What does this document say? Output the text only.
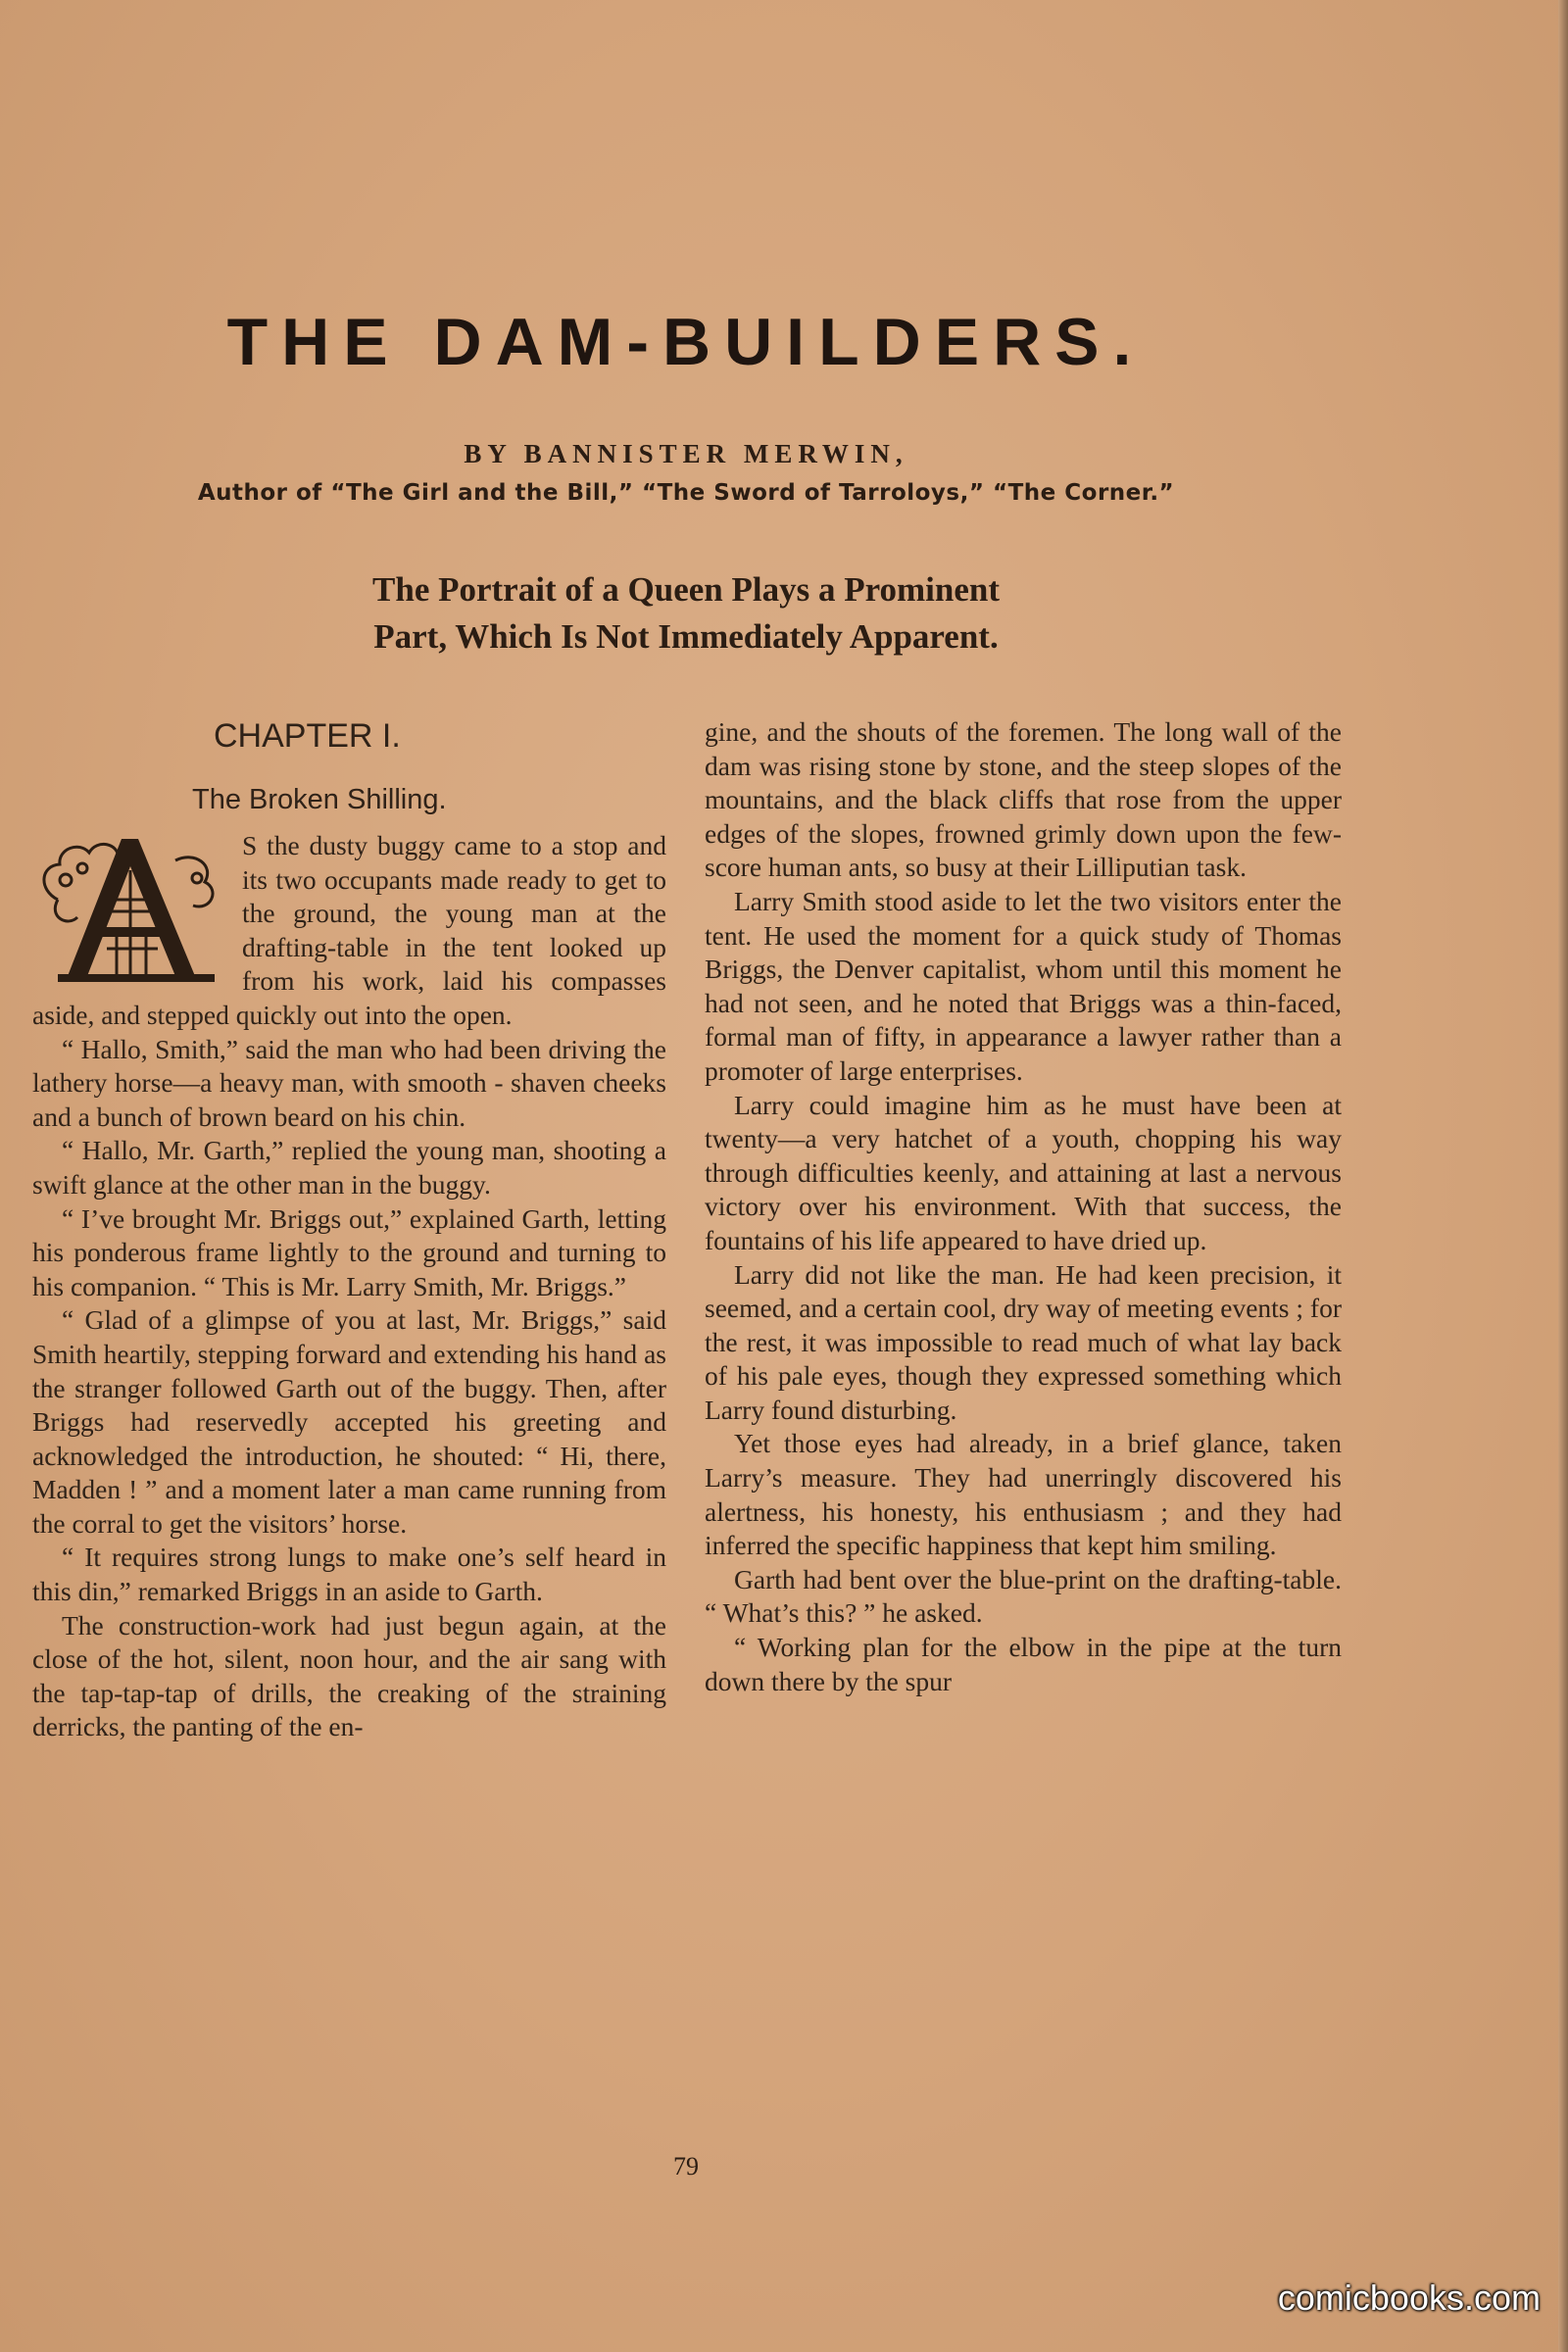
THE DAM-BUILDERS.
BY BANNISTER MERWIN,
Author of “The Girl and the Bill,” “The Sword of Tarroloys,” “The Corner.”
The Portrait of a Queen Plays a Prominent
Part, Which Is Not Immediately Apparent.
CHAPTER I.
The Broken Shilling.

S the dusty buggy came to a stop and its two occupants made ready to get to the ground, the young man at the drafting-table in the tent looked up from his work, laid his compasses aside, and stepped quickly out into the open.

“ Hallo, Smith,” said the man who had been driving the lathery horse—a heavy man, with smooth - shaven cheeks and a bunch of brown beard on his chin.

“ Hallo, Mr. Garth,” replied the young man, shooting a swift glance at the other man in the buggy.

“ I’ve brought Mr. Briggs out,” explained Garth, letting his ponderous frame lightly to the ground and turning to his companion. “ This is Mr. Larry Smith, Mr. Briggs.”

“ Glad of a glimpse of you at last, Mr. Briggs,” said Smith heartily, stepping forward and extending his hand as the stranger followed Garth out of the buggy. Then, after Briggs had reservedly accepted his greeting and acknowledged the introduction, he shouted: “ Hi, there, Madden ! ” and a moment later a man came running from the corral to get the visitors’ horse.

“ It requires strong lungs to make one’s self heard in this din,” remarked Briggs in an aside to Garth.

The construction-work had just begun again, at the close of the hot, silent, noon hour, and the air sang with the tap-tap-tap of drills, the creaking of the straining derricks, the panting of the en-

gine, and the shouts of the foremen. The long wall of the dam was rising stone by stone, and the steep slopes of the mountains, and the black cliffs that rose from the upper edges of the slopes, frowned grimly down upon the few-score human ants, so busy at their Lilliputian task.

Larry Smith stood aside to let the two visitors enter the tent. He used the moment for a quick study of Thomas Briggs, the Denver capitalist, whom until this moment he had not seen, and he noted that Briggs was a thin-faced, formal man of fifty, in appearance a lawyer rather than a promoter of large enterprises.

Larry could imagine him as he must have been at twenty—a very hatchet of a youth, chopping his way through difficulties keenly, and attaining at last a nervous victory over his environment. With that success, the fountains of his life appeared to have dried up.

Larry did not like the man. He had keen precision, it seemed, and a certain cool, dry way of meeting events ; for the rest, it was impossible to read much of what lay back of his pale eyes, though they expressed something which Larry found disturbing.

Yet those eyes had already, in a brief glance, taken Larry’s measure. They had unerringly discovered his alertness, his honesty, his enthusiasm ; and they had inferred the specific happiness that kept him smiling.

Garth had bent over the blue-print on the drafting-table. “ What’s this? ” he asked.

“ Working plan for the elbow in the pipe at the turn down there by the spur

79
comicbooks.com
